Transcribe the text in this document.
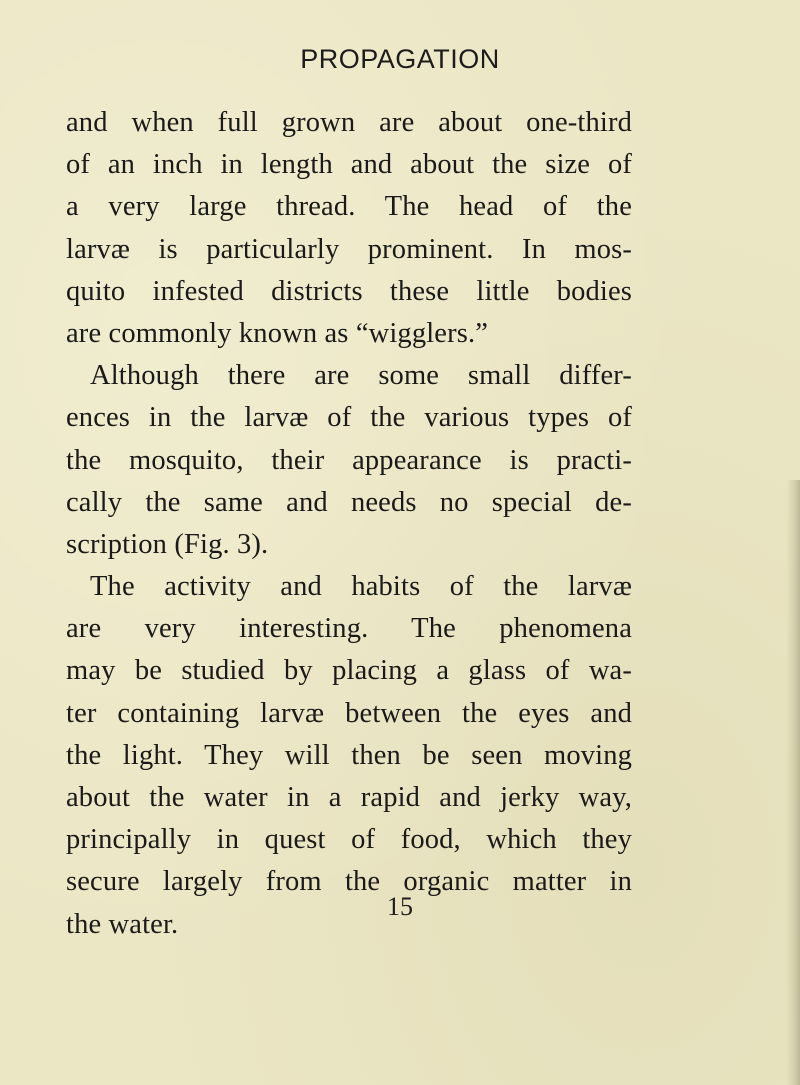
PROPAGATION
and when full grown are about one-third
of an inch in length and about the size of
a very large thread. The head of the
larvæ is particularly prominent. In mos-
quito infested districts these little bodies
are commonly known as “wigglers.”
Although there are some small differ-
ences in the larvæ of the various types of
the mosquito, their appearance is practi-
cally the same and needs no special de-
scription (Fig. 3).
The activity and habits of the larvæ
are very interesting. The phenomena
may be studied by placing a glass of wa-
ter containing larvæ between the eyes and
the light. They will then be seen moving
about the water in a rapid and jerky way,
principally in quest of food, which they
secure largely from the organic matter in
the water.
15
